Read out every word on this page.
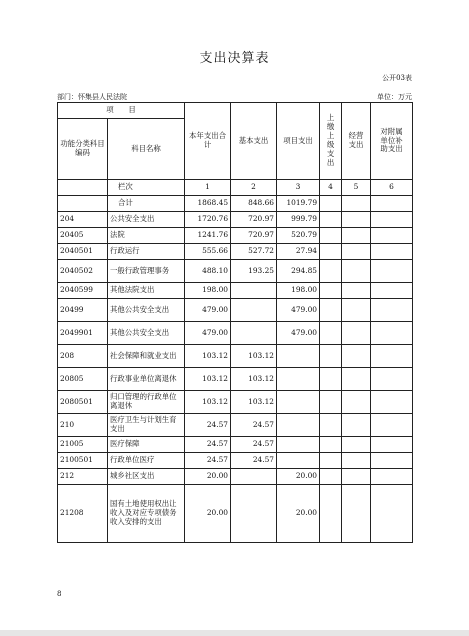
支出决算表
公开03表
部门：怀集县人民法院	单位：万元
项　　目		本年支出合计	基本支出	项目支出	上缴上级支出	经营支出	对附属单位补助支出
功能分类科目编码	科目名称						
	栏次	1	2	3	4	5	6
	合计	1868.45	848.66	1019.79			
204	公共安全支出	1720.76	720.97	999.79			
20405	法院	1241.76	720.97	520.79			
2040501	行政运行	555.66	527.72	27.94			
2040502	一般行政管理事务	488.10	193.25	294.85			
2040599	其他法院支出	198.00		198.00			
20499	其他公共安全支出	479.00		479.00			
2049901	其他公共安全支出	479.00		479.00			
208	社会保障和就业支出	103.12	103.12				
20805	行政事业单位离退休	103.12	103.12				
2080501	归口管理的行政单位离退休	103.12	103.12				
210	医疗卫生与计划生育支出	24.57	24.57				
21005	医疗保障	24.57	24.57				
2100501	行政单位医疗	24.57	24.57				
212	城乡社区支出	20.00		20.00			
21208	国有土地使用权出让收入及对应专项债务收入安排的支出	20.00		20.00			
8
